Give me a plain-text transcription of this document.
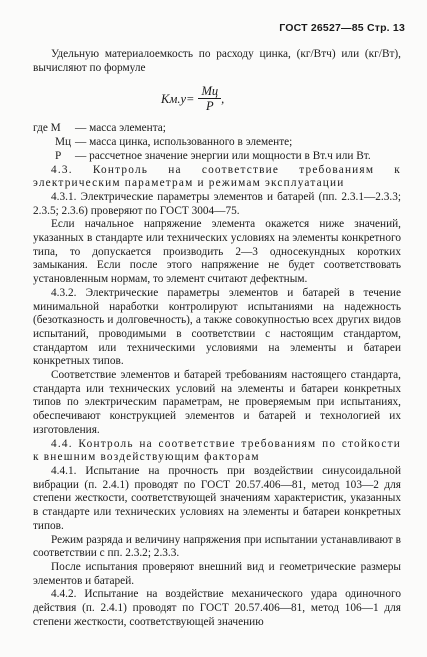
ГОСТ 26527—85 Стр. 13

Удельную материалоемкость по расходу цинка, (кг/Втч) или (кг/Вт), вычисляют по формуле

$Kм.у= \frac{Mц}{P}$ ,
где M	— масса элемента;
Mц — масса цинка, использованного в элементе;
P	— рассчетное значение энергии или мощности в Вт.ч или Вт.

4.3. Контроль на соответствие требованиям к электрическим параметрам и режимам эксплуатации

4.3.1. Электрические параметры элементов и батарей (пп. 2.3.1—2.3.3; 2.3.5; 2.3.6) проверяют по ГОСТ 3004—75.

Если начальное напряжение элемента окажется ниже значений, указанных в стандарте или технических условиях на элементы конкретного типа, то допускается производить 2—3 односекундных коротких замыкания. Если после этого напряжение не будет соответствовать установленным нормам, то элемент считают дефектным.

4.3.2. Электрические параметры элементов и батарей в течение минимальной наработки контролируют испытаниями на надежность (безотказность и долговечность), а также совокупностью всех других видов испытаний, проводимыми в соответствии с настоящим стандартом, стандартом или техническими условиями на элементы и батареи конкретных типов.

Соответствие элементов и батарей требованиям настоящего стандарта, стандарта или технических условий на элементы и батареи конкретных типов по электрическим параметрам, не проверяемым при испытаниях, обеспечивают конструкцией элементов и батарей и технологией их изготовления.

4.4. Контроль на соответствие требованиям по стойкости к внешним воздействующим факторам

4.4.1. Испытание на прочность при воздействии синусоидальной вибрации (п. 2.4.1) проводят по ГОСТ 20.57.406—81, метод 103—2 для степени жесткости, соответствующей значениям характеристик, указанных в стандарте или технических условиях на элементы и батареи конкретных типов.

Режим разряда и величину напряжения при испытании устанавливают в соответствии с пп. 2.3.2; 2.3.3.

После испытания проверяют внешний вид и геометрические размеры элементов и батарей.

4.4.2. Испытание на воздействие механического удара одиночного действия (п. 2.4.1) проводят по ГОСТ 20.57.406—81, метод 106—1 для степени жесткости, соответствующей значению
